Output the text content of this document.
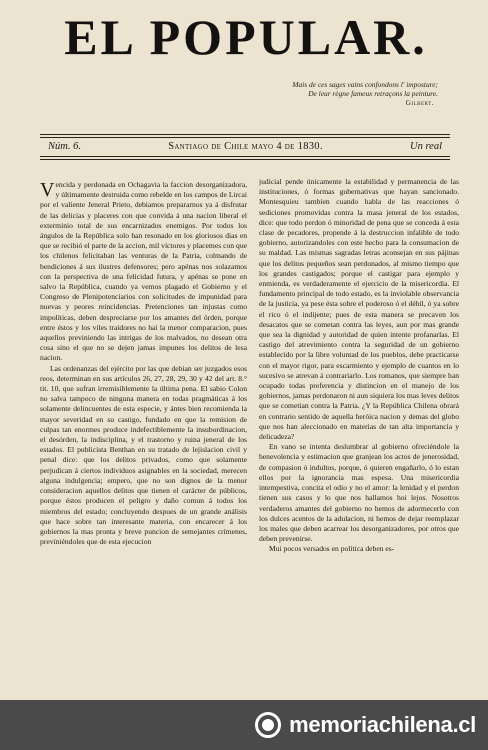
EL POPULAR.
Mais de ces sages vains confondons l' imposture;
De leur règne fameux retraçons la peinture.
Gilbert.
Núm. 6.	Santiago de Chile mayo 4 de 1830.	Un real

Vencida y perdonada en Ochagavia la faccion desorganizadora, y últimamente destruida como rebelde en los campos de Lircai por el valiente Jeneral Prieto, debiamos prepararnos ya á disfrutar de las delicias y placeres con que convida á una nacion liberal el exterminio total de sus encarnizados enemigos. Por todos los ángulos de la República solo han resonado en los gloriosos dias en que se recibió el parte de la accion, mil víctores y placemes con que los chilenos felicitaban las venturas de la Patria, colmando de bendiciones á sus ilustres defensores; pero apénas nos solazamos con la perspectiva de una felicidad futura, y apénas se pone en salvo la República, cuando ya vemos plagado el Gobierno y el Congreso de Plenipotenciarios con solicitudes de impunidad para nuevas y peores reincidencias. Pretenciones tan injustas como impolíticas, deben despreciarse por los amantes del órden, porque entre éstos y los viles traidores no hai la menor comparacion, pues aquellos previniendo las intrigas de los malvados, no desean otra cosa sino el que no se dejen jamas impunes los delitos de lesa nacion.

Las ordenanzas del ejército por las que debian ser juzgados esos reos, determinan en sus artículos 26, 27, 28, 29, 30 y 42 del art. 8.° tit. 10, que sufran irremisiblemente la última pena. El sabio Colon no salva tampoco de ninguna manera en todas pragmáticas á los solamente delincuentes de esta especie, y ántes bien recomienda la mayor severidad en su castigo, fundado en que la remision de culpas tan enormes produce indefectiblemente la insubordinacion, el desórden, la indisciplina, y el trastorno y ruina jeneral de los estados. El publicista Benthan en su tratado de lejislacion civil y penal dice: que los delitos privados, como que solamente perjudican á ciertos individuos asignables en la sociedad, merecen alguna indulgencia; empero, que no son dignos de la menor consideracion aquellos delitos que tienen el carácter de públicos, porque éstos producen el peligro y daño comun á todos los miembros del estado; concluyendo despues de un grande análisis que hace sobre tan interesante materia, con encarecer á los gobiernos la mas pronta y breve puncion de semejantes crímenes, previniéndoles que de esta ejecucion

judicial pende únicamente la estabilidad y permanencia de las instituciones, ó formas gubernativas que hayan sancionado. Montesquieu tambien cuando habla de las reacciones ó sediciones promovidas contra la masa jeneral de los estados, dice: que todo perdon ó minoridad de pena que se conceda á esta clase de pecadores, propende á la destruccion infalible de todo gobierno, autorizandoles con este hecho para la consumacion de su maldad. Las mismas sagradas letras aconsejan en sus pájinas que los delitos pequeños sean perdonados, al mismo tiempo que los grandes castigados; porque el castigar para ejemplo y enmienda, es verdaderamente el ejercicio de la misericordia. El fundamento principal de todo estado, es la inviolable observancia de la justicia, ya pese ésta sobre el poderoso ó el débil, ó ya sobre el rico ó el indijente; pues de esta manera se precaven los desacatos que se cometan contra las leyes, aun por mas grande que sea la dignidad y autoridad de quien intente profanarlas. El castigo del atrevimiento contra la seguridad de un gobierno establecido por la libre voluntad de los pueblos, debe practicarse con el mayor rigor, para escarmiento y ejemplo de cuantos en lo sucesivo se atrevan á contrariarlo. Los romanos, que siempre han ocupado todas preferencia y distincion en el manejo de los gobiernos, jamas perdonaron ni aun siquiera los mas leves delitos que se cometian contra la Patria. ¿Y la República Chilena obrará en contrario sentido de aquella heróica nacion y demas del globo que nos han aleccionado en materias de tan alta importancia y delicadeza?

En vano se intenta deslumbrar al gobierno ofreciéndole la benevolencia y estimacion que granjean los actos de jenerosidad, de compasion ó indultos, porque, ó quieren engañarlo, ó lo estan ellos por la ignorancia mas espesa. Una misericordia intempestiva, concita el odio y no el amor: la lenidad y el perdon tienen sus casos y lo que nos hallamos hoi lejos. Nosotros verdaderos amantes del gobierno no hemos de adormecerlo con los dulces acentos de la adulacion, ni hemos de dejar reemplazar los males que deben acarrear los desorganizadores, por otros que deben prevenirse.

Mui pocos versados en política deben es-

memoriachilena.cl
